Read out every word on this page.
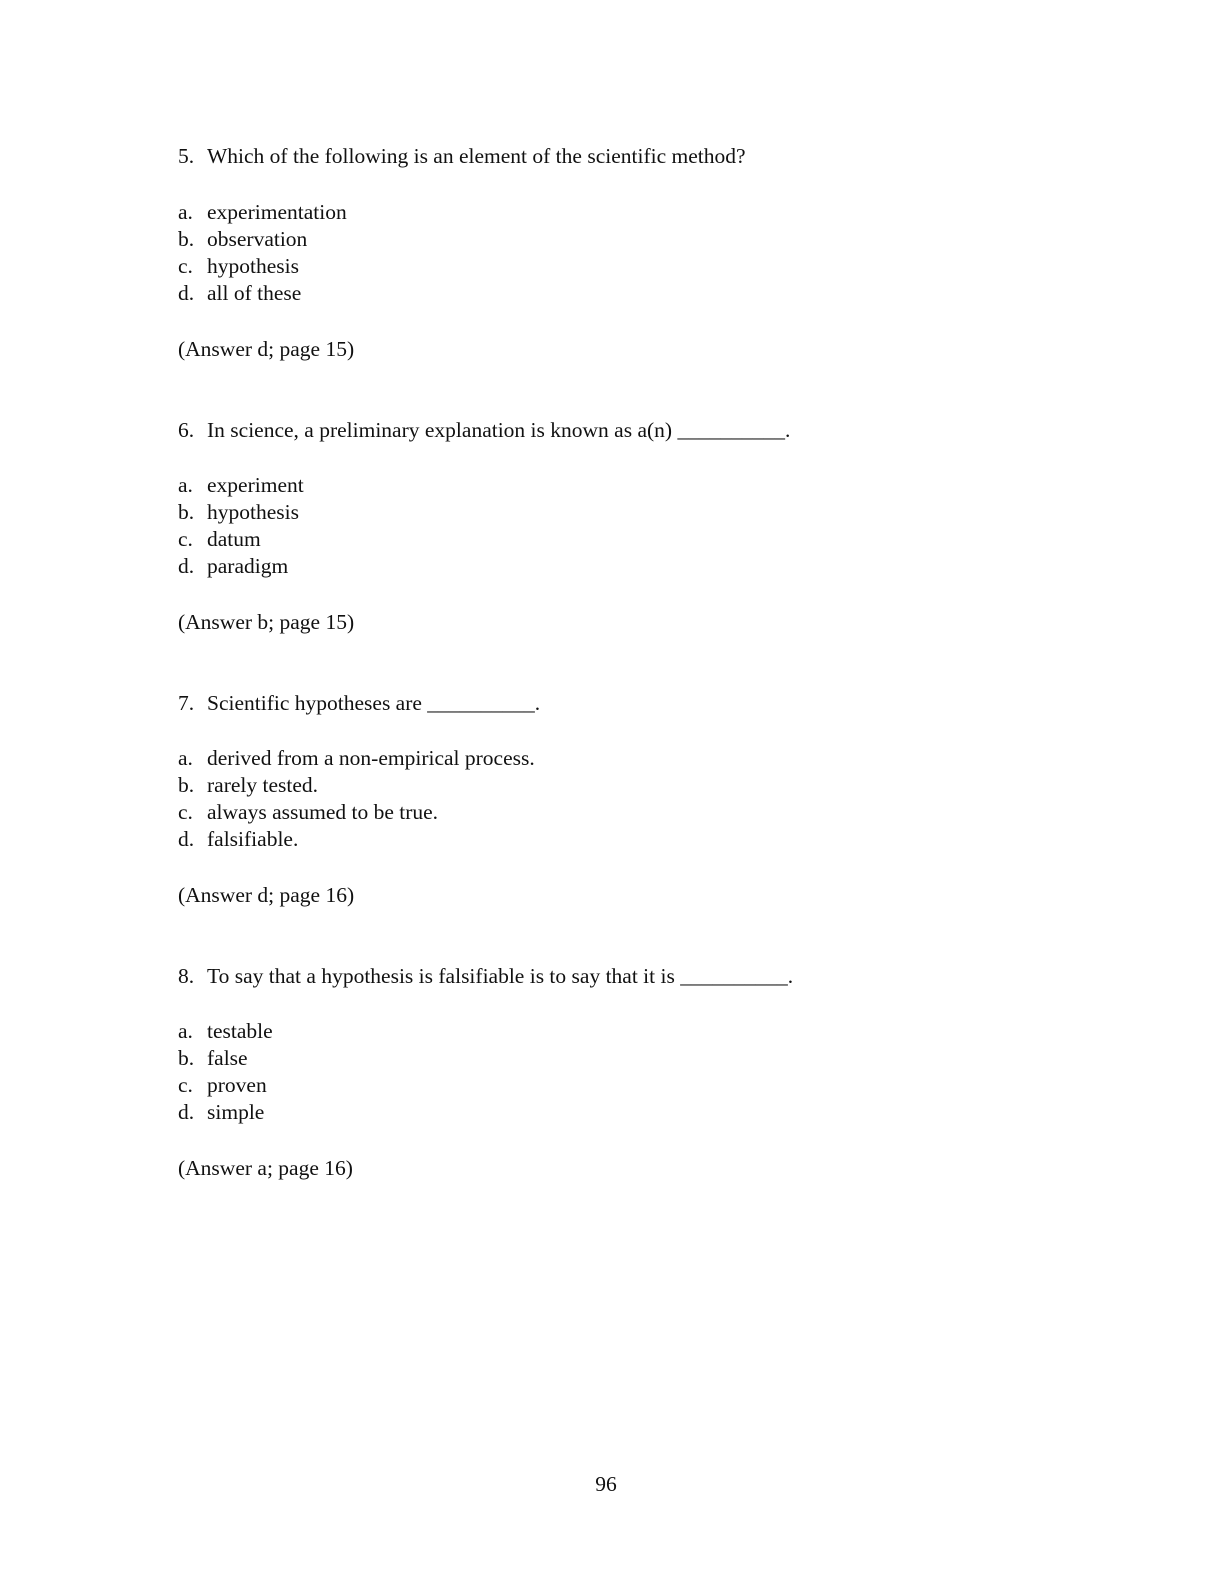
5. Which of the following is an element of the scientific method?
a. experimentation
b. observation
c. hypothesis
d. all of these
(Answer d; page 15)
6. In science, a preliminary explanation is known as a(n) __________.
a. experiment
b. hypothesis
c. datum
d. paradigm
(Answer b; page 15)
7. Scientific hypotheses are __________.
a. derived from a non-empirical process.
b. rarely tested.
c. always assumed to be true.
d. falsifiable.
(Answer d; page 16)
8. To say that a hypothesis is falsifiable is to say that it is __________.
a. testable
b. false
c. proven
d. simple
(Answer a; page 16)
96
